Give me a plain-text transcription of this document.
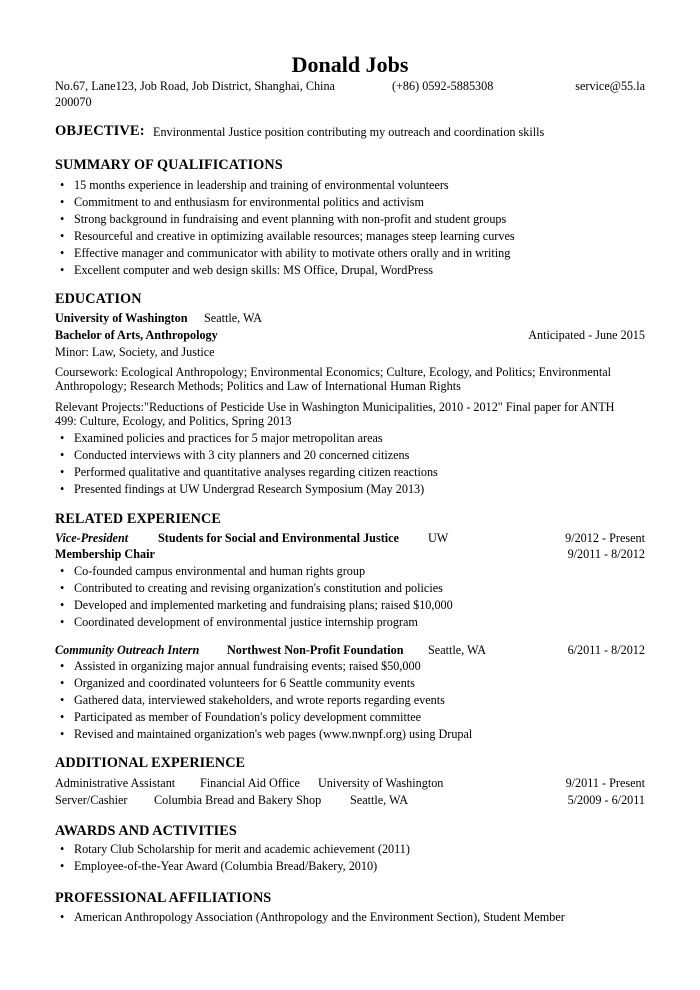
Donald Jobs
No.67, Lane123, Job Road, Job District, Shanghai, China
200070
(+86) 0592-5885308	service@55.la
OBJECTIVE: Environmental Justice position contributing my outreach and coordination skills
SUMMARY OF QUALIFICATIONS
• 15 months experience in leadership and training of environmental volunteers
• Commitment to and enthusiasm for environmental politics and activism
• Strong background in fundraising and event planning with non-profit and student groups
• Resourceful and creative in optimizing available resources; manages steep learning curves
• Effective manager and communicator with ability to motivate others orally and in writing
• Excellent computer and web design skills: MS Office, Drupal, WordPress
EDUCATION
University of Washington Seattle, WA
Bachelor of Arts, Anthropology	Anticipated - June 2015
Minor: Law, Society, and Justice
Coursework: Ecological Anthropology; Environmental Economics; Culture, Ecology, and Politics; Environmental
Anthropology; Research Methods; Politics and Law of International Human Rights
Relevant Projects:"Reductions of Pesticide Use in Washington Municipalities, 2010 - 2012" Final paper for ANTH
499: Culture, Ecology, and Politics, Spring 2013
• Examined policies and practices for 5 major metropolitan areas
• Conducted interviews with 3 city planners and 20 concerned citizens
• Performed qualitative and quantitative analyses regarding citizen reactions
• Presented findings at UW Undergrad Research Symposium (May 2013)
RELATED EXPERIENCE
Vice-President Students for Social and Environmental Justice UW	9/2012 - Present
Membership Chair	9/2011 - 8/2012
• Co-founded campus environmental and human rights group
• Contributed to creating and revising organization's constitution and policies
• Developed and implemented marketing and fundraising plans; raised $10,000
• Coordinated development of environmental justice internship program
Community Outreach Intern Northwest Non-Profit Foundation Seattle, WA	6/2011 - 8/2012
• Assisted in organizing major annual fundraising events; raised $50,000
• Organized and coordinated volunteers for 6 Seattle community events
• Gathered data, interviewed stakeholders, and wrote reports regarding events
• Participated as member of Foundation's policy development committee
• Revised and maintained organization's web pages (www.nwnpf.org) using Drupal
ADDITIONAL EXPERIENCE
Administrative Assistant Financial Aid Office University of Washington	9/2011 - Present
Server/Cashier Columbia Bread and Bakery Shop Seattle, WA	5/2009 - 6/2011
AWARDS AND ACTIVITIES
• Rotary Club Scholarship for merit and academic achievement (2011)
• Employee-of-the-Year Award (Columbia Bread/Bakery, 2010)
PROFESSIONAL AFFILIATIONS
• American Anthropology Association (Anthropology and the Environment Section), Student Member
